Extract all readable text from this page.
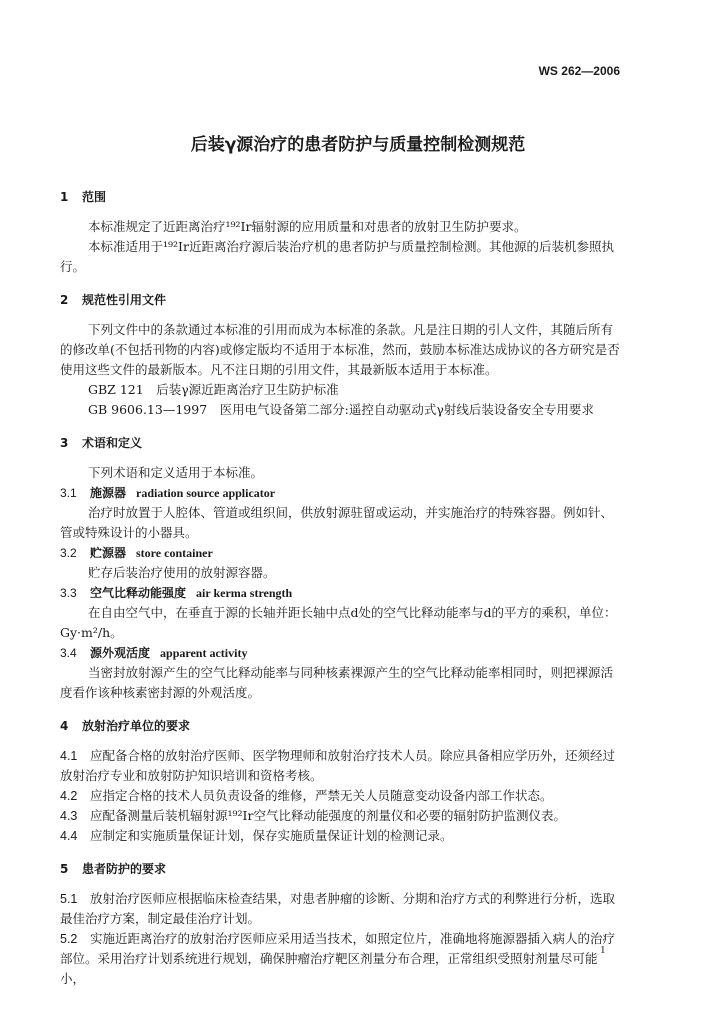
WS 262—2006
后装γ源治疗的患者防护与质量控制检测规范
1 范围

本标准规定了近距离治疗¹⁹²Ir辐射源的应用质量和对患者的放射卫生防护要求。

本标准适用于¹⁹²Ir近距离治疗源后装治疗机的患者防护与质量控制检测。其他源的后装机参照执行。

2 规范性引用文件

下列文件中的条款通过本标准的引用而成为本标准的条款。凡是注日期的引人文件，其随后所有的修改单(不包括刊物的内容)或修定版均不适用于本标准，然而，鼓励本标准达成协议的各方研究是否使用这些文件的最新版本。凡不注日期的引用文件，其最新版本适用于本标准。

GBZ 121　后装γ源近距离治疗卫生防护标准
GB 9606.13—1997　医用电气设备第二部分:遥控自动驱动式γ射线后装设备安全专用要求
3 术语和定义

下列术语和定义适用于本标准。

3.1 施源器 radiation source applicator

治疗时放置于人腔体、管道或组织间，供放射源驻留或运动，并实施治疗的特殊容器。例如针、管或特殊设计的小器具。

3.2 贮源器 store container

贮存后装治疗使用的放射源容器。

3.3 空气比释动能强度 air kerma strength

在自由空气中，在垂直于源的长轴并距长轴中点d处的空气比释动能率与d的平方的乘积，单位：Gy·m²/h。

3.4 源外观活度 apparent activity

当密封放射源产生的空气比释动能率与同种核素裸源产生的空气比释动能率相同时，则把裸源活度看作该种核素密封源的外观活度。

4 放射治疗单位的要求

4.1 应配备合格的放射治疗医师、医学物理师和放射治疗技术人员。除应具备相应学历外，还须经过放射治疗专业和放射防护知识培训和资格考核。

4.2 应指定合格的技术人员负责设备的维修，严禁无关人员随意变动设备内部工作状态。

4.3 应配备测量后装机辐射源¹⁹²Ir空气比释动能强度的剂量仪和必要的辐射防护监测仪表。

4.4 应制定和实施质量保证计划，保存实施质量保证计划的检测记录。

5 患者防护的要求

5.1 放射治疗医师应根据临床检查结果，对患者肿瘤的诊断、分期和治疗方式的利弊进行分析，选取最佳治疗方案，制定最佳治疗计划。

5.2 实施近距离治疗的放射治疗医师应采用适当技术，如照定位片，准确地将施源器插入病人的治疗部位。采用治疗计划系统进行规划，确保肿瘤治疗靶区剂量分布合理，正常组织受照射剂量尽可能小，

1
